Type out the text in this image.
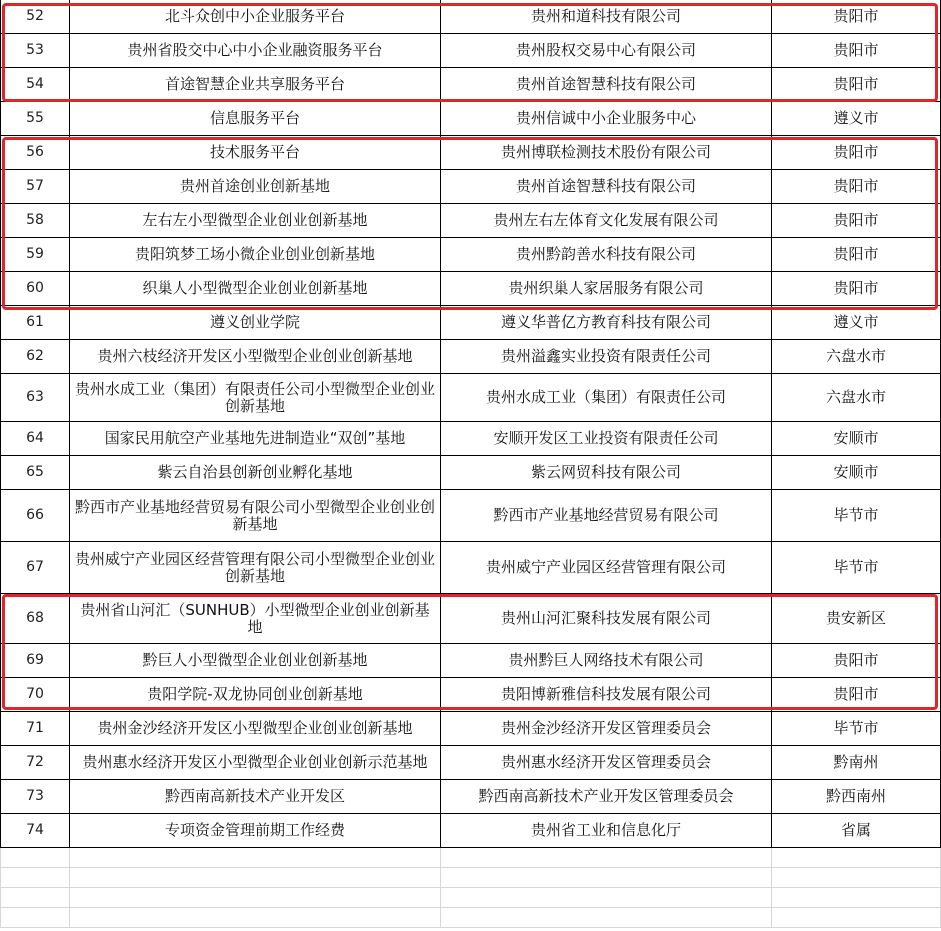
52	北斗众创中小企业服务平台	贵州和道科技有限公司	贵阳市
53	贵州省股交中心中小企业融资服务平台	贵州股权交易中心有限公司	贵阳市
54	首途智慧企业共享服务平台	贵州首途智慧科技有限公司	贵阳市
55	信息服务平台	贵州信诚中小企业服务中心	遵义市
56	技术服务平台	贵州博联检测技术股份有限公司	贵阳市
57	贵州首途创业创新基地	贵州首途智慧科技有限公司	贵阳市
58	左右左小型微型企业创业创新基地	贵州左右左体育文化发展有限公司	贵阳市
59	贵阳筑梦工场小微企业创业创新基地	贵州黔韵善水科技有限公司	贵阳市
60	织巢人小型微型企业创业创新基地	贵州织巢人家居服务有限公司	贵阳市
61	遵义创业学院	遵义华普亿方教育科技有限公司	遵义市
62	贵州六枝经济开发区小型微型企业创业创新基地	贵州溢鑫实业投资有限责任公司	六盘水市
63	贵州水成工业（集团）有限责任公司小型微型企业创业创新基地	贵州水成工业（集团）有限责任公司	六盘水市
64	国家民用航空产业基地先进制造业“双创”基地	安顺开发区工业投资有限责任公司	安顺市
65	紫云自治县创新创业孵化基地	紫云网贸科技有限公司	安顺市
66	黔西市产业基地经营贸易有限公司小型微型企业创业创新基地	黔西市产业基地经营贸易有限公司	毕节市
67	贵州威宁产业园区经营管理有限公司小型微型企业创业创新基地	贵州威宁产业园区经营管理有限公司	毕节市
68	贵州省山河汇（SUNHUB）小型微型企业创业创新基地	贵州山河汇聚科技发展有限公司	贵安新区
69	黔巨人小型微型企业创业创新基地	贵州黔巨人网络技术有限公司	贵阳市
70	贵阳学院-双龙协同创业创新基地	贵阳博新雅信科技发展有限公司	贵阳市
71	贵州金沙经济开发区小型微型企业创业创新基地	贵州金沙经济开发区管理委员会	毕节市
72	贵州惠水经济开发区小型微型企业创业创新示范基地	贵州惠水经济开发区管理委员会	黔南州
73	黔西南高新技术产业开发区	黔西南高新技术产业开发区管理委员会	黔西南州
74	专项资金管理前期工作经费	贵州省工业和信息化厅	省属
